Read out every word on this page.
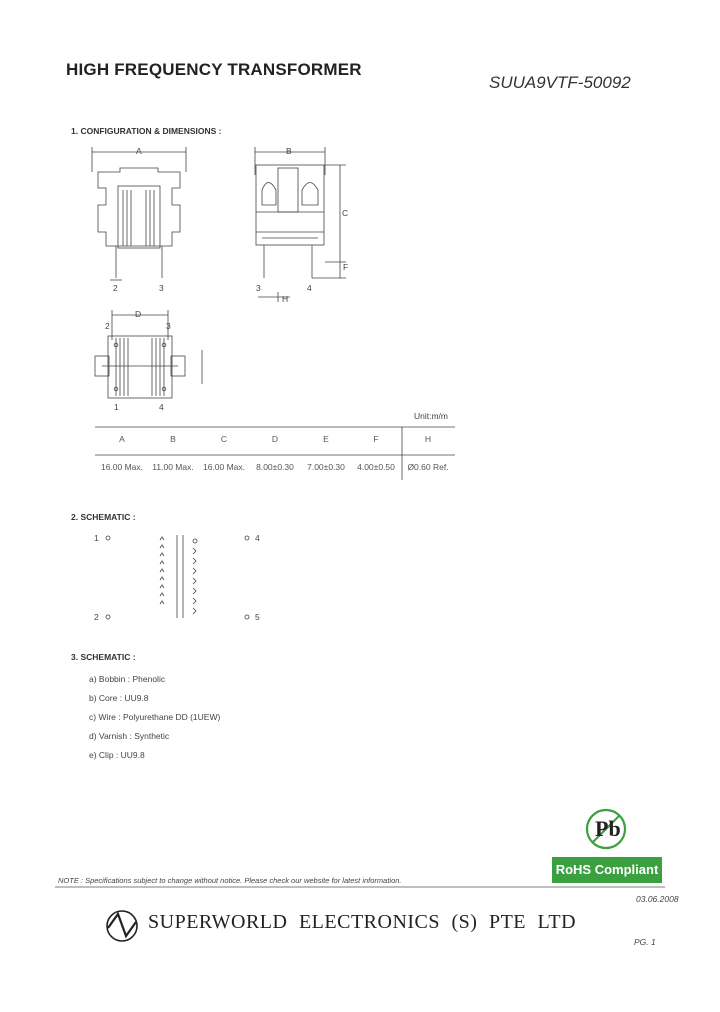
HIGH FREQUENCY TRANSFORMER
SUUA9VTF-50092
1. CONFIGURATION & DIMENSIONS :
A
2	3
B
C
F
H
3	4
D
2	3
1	4
Unit:m/m
A	B	C	D	E	F	H
16.00 Max.	11.00 Max.	16.00 Max.	8.00±0.30	7.00±0.30	4.00±0.50	Ø0.60 Ref.
2. SCHEMATIC :
1
2
4
5
3. SCHEMATIC :
a) Bobbin : Phenolic
b) Core : UU9.8
c) Wire : Polyurethane DD (1UEW)
d) Varnish : Synthetic
e) Clip : UU9.8
Pb
RoHS Compliant
NOTE : Specifications subject to change without notice. Please check our website for latest information.
03.06.2008
SUPERWORLD ELECTRONICS (S) PTE LTD
PG. 1
